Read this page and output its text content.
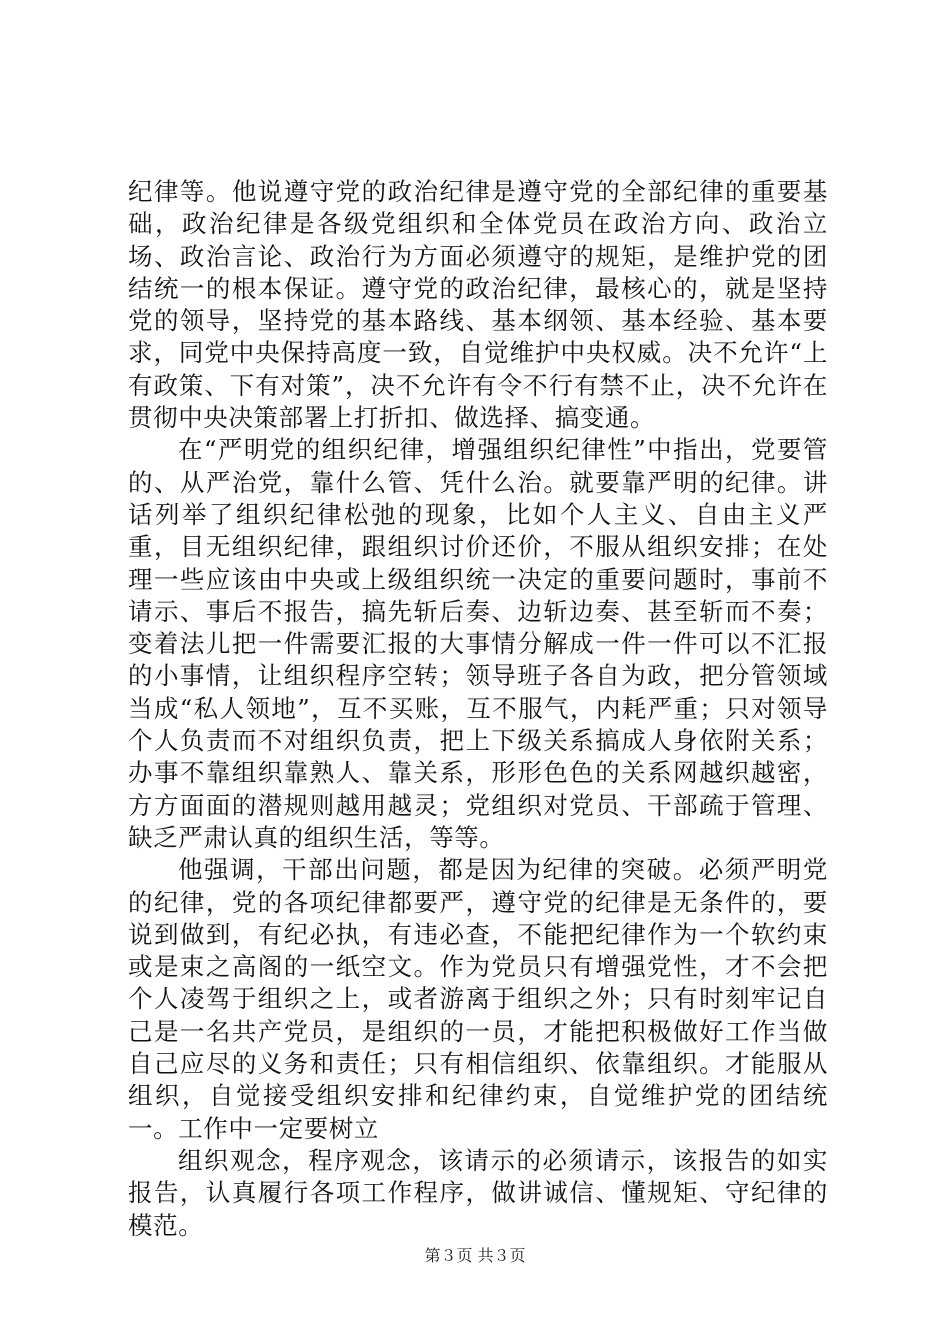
纪律等。他说遵守党的政治纪律是遵守党的全部纪律的重要基础，政治纪律是各级党组织和全体党员在政治方向、政治立场、政治言论、政治行为方面必须遵守的规矩，是维护党的团结统一的根本保证。遵守党的政治纪律，最核心的，就是坚持党的领导，坚持党的基本路线、基本纲领、基本经验、基本要求，同党中央保持高度一致，自觉维护中央权威。决不允许“上有政策、下有对策”，决不允许有令不行有禁不止，决不允许在贯彻中央决策部署上打折扣、做选择、搞变通。

在“严明党的组织纪律，增强组织纪律性”中指出，党要管的、从严治党，靠什么管、凭什么治。就要靠严明的纪律。讲话列举了组织纪律松弛的现象，比如个人主义、自由主义严重，目无组织纪律，跟组织讨价还价，不服从组织安排；在处理一些应该由中央或上级组织统一决定的重要问题时，事前不请示、事后不报告，搞先斩后奏、边斩边奏、甚至斩而不奏；变着法儿把一件需要汇报的大事情分解成一件一件可以不汇报的小事情，让组织程序空转；领导班子各自为政，把分管领域当成“私人领地”，互不买账，互不服气，内耗严重；只对领导个人负责而不对组织负责，把上下级关系搞成人身依附关系；办事不靠组织靠熟人、靠关系，形形色色的关系网越织越密，方方面面的潜规则越用越灵；党组织对党员、干部疏于管理、缺乏严肃认真的组织生活，等等。

他强调，干部出问题，都是因为纪律的突破。必须严明党的纪律，党的各项纪律都要严，遵守党的纪律是无条件的，要说到做到，有纪必执，有违必查，不能把纪律作为一个软约束或是束之高阁的一纸空文。作为党员只有增强党性，才不会把个人凌驾于组织之上，或者游离于组织之外；只有时刻牢记自己是一名共产党员，是组织的一员，才能把积极做好工作当做自己应尽的义务和责任；只有相信组织、依靠组织。才能服从组织，自觉接受组织安排和纪律约束，自觉维护党的团结统一。工作中一定要树立

组织观念，程序观念，该请示的必须请示，该报告的如实报告，认真履行各项工作程序，做讲诚信、懂规矩、守纪律的模范。

第３页 共３页
